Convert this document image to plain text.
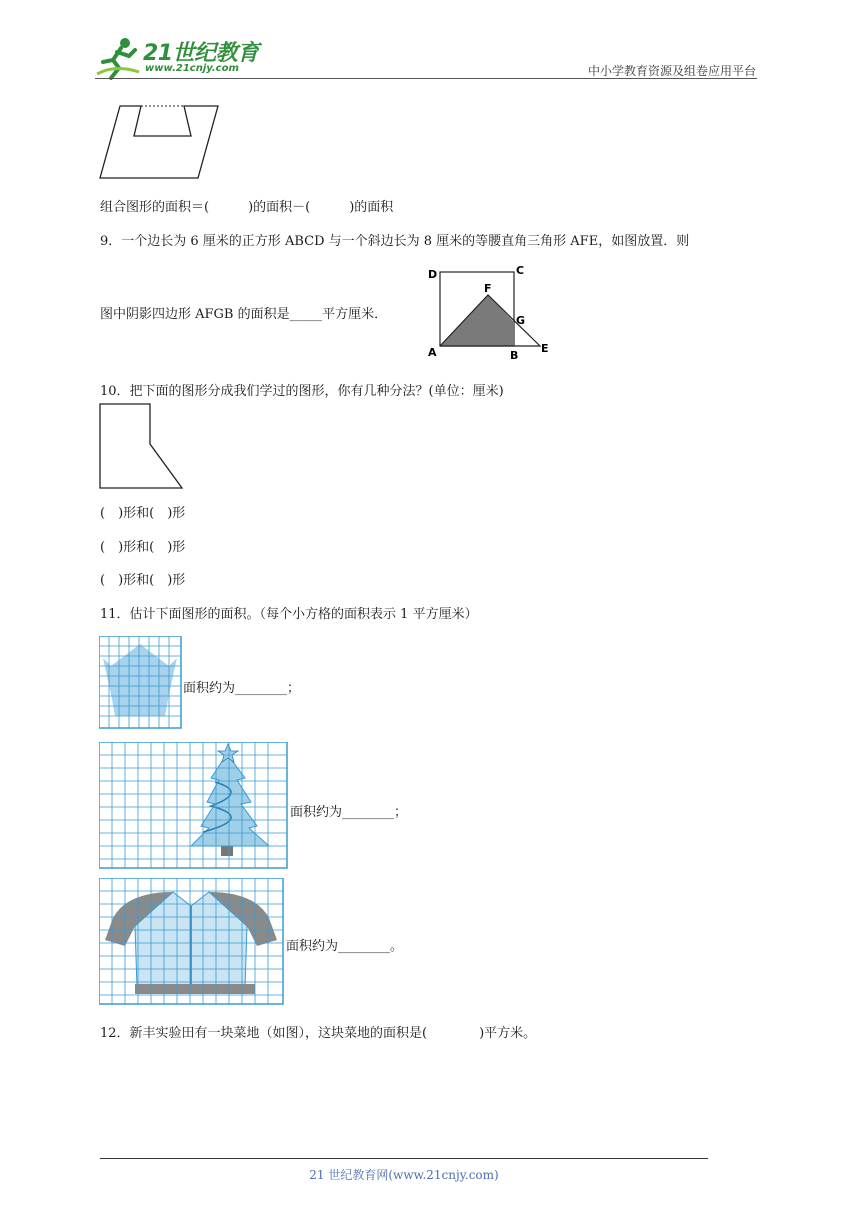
21世纪教育
www.21cnjy.com	中小学教育资源及组卷应用平台
组合图形的面积＝(　　　)的面积－(　　　)的面积
9．一个边长为 6 厘米的正方形 ABCD 与一个斜边长为 8 厘米的等腰直角三角形 AFE，如图放置．则
图中阴影四边形 AFGB 的面积是_____平方厘米．
D	C
F
G
A	B
E
10．把下面的图形分成我们学过的图形，你有几种分法？(单位：厘米)
(　)形和(　)形
(　)形和(　)形
(　)形和(　)形
11．估计下面图形的面积。（每个小方格的面积表示 1 平方厘米）
面积约为________；
面积约为________；
面积约为________。
12．新丰实验田有一块菜地（如图），这块菜地的面积是(　　　　)平方米。
21 世纪教育网(www.21cnjy.com)
